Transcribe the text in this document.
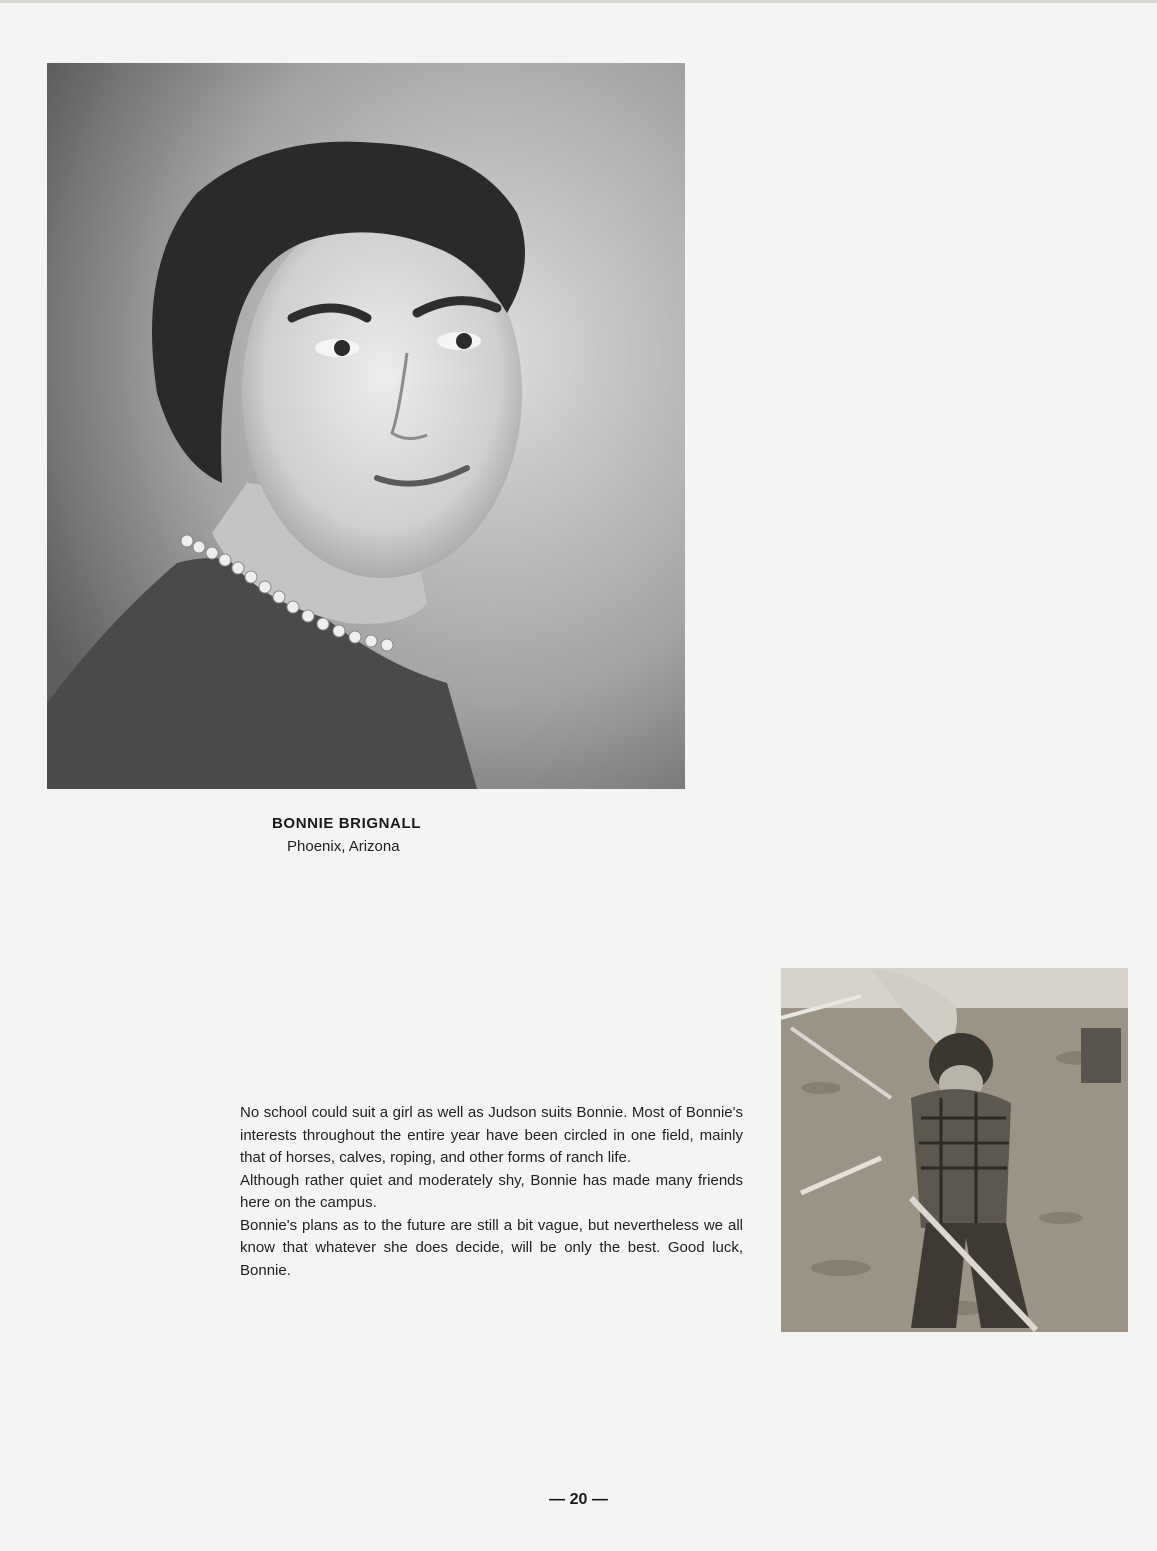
BONNIE BRIGNALL
Phoenix, Arizona

No school could suit a girl as well as Judson suits Bonnie. Most of Bonnie's interests throughout the entire year have been circled in one field, mainly that of horses, calves, roping, and other forms of ranch life.

Although rather quiet and moderately shy, Bonnie has made many friends here on the campus.

Bonnie's plans as to the future are still a bit vague, but nevertheless we all know that whatever she does decide, will be only the best. Good luck, Bonnie.

— 20 —
